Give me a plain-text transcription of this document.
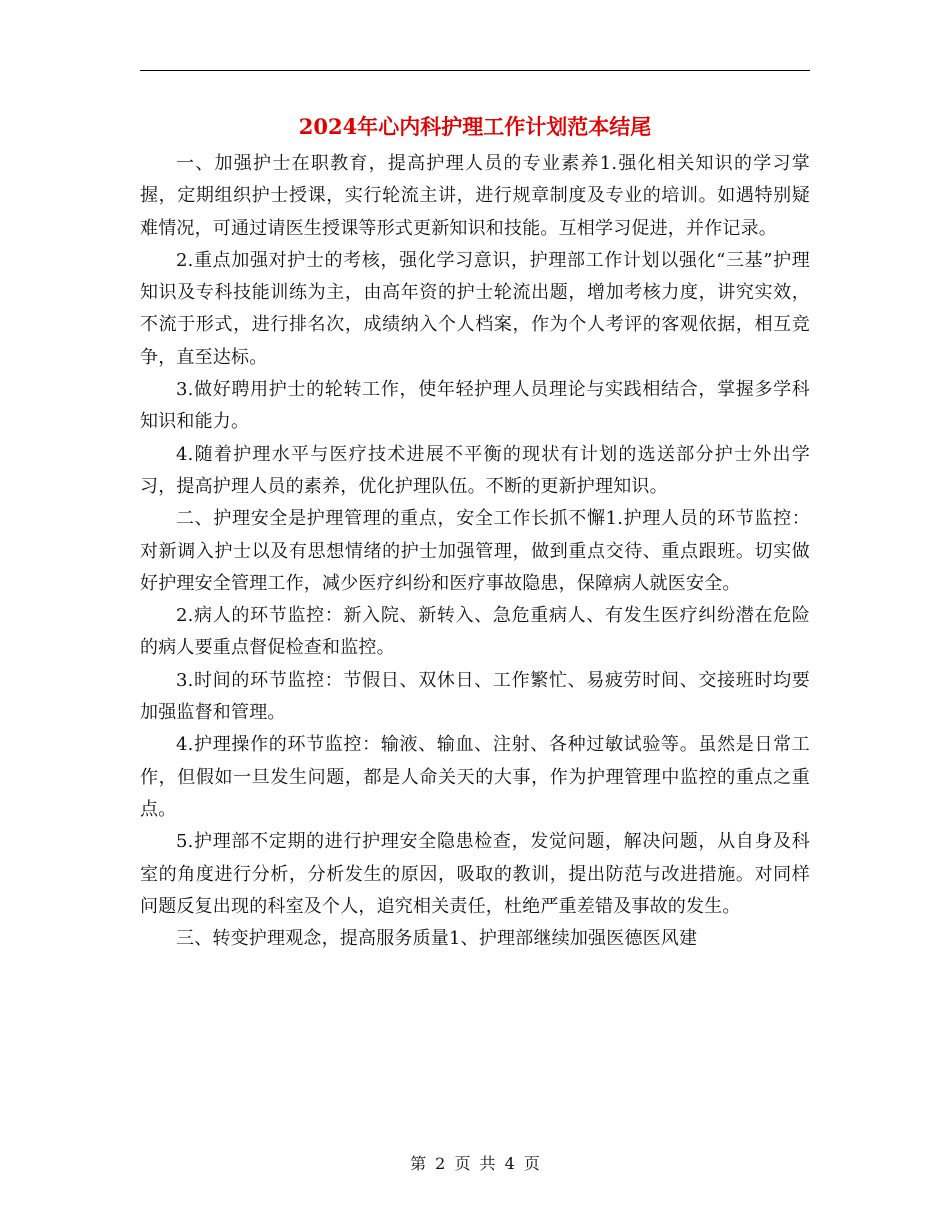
2024年心内科护理工作计划范本结尾

一、加强护士在职教育，提高护理人员的专业素养1.强化相关知识的学习掌握，定期组织护士授课，实行轮流主讲，进行规章制度及专业的培训。如遇特别疑难情况，可通过请医生授课等形式更新知识和技能。互相学习促进，并作记录。

2.重点加强对护士的考核，强化学习意识，护理部工作计划以强化“三基”护理知识及专科技能训练为主，由高年资的护士轮流出题，增加考核力度，讲究实效，不流于形式，进行排名次，成绩纳入个人档案，作为个人考评的客观依据，相互竞争，直至达标。

3.做好聘用护士的轮转工作，使年轻护理人员理论与实践相结合，掌握多学科知识和能力。

4.随着护理水平与医疗技术进展不平衡的现状有计划的选送部分护士外出学习，提高护理人员的素养，优化护理队伍。不断的更新护理知识。

二、护理安全是护理管理的重点，安全工作长抓不懈1.护理人员的环节监控：对新调入护士以及有思想情绪的护士加强管理，做到重点交待、重点跟班。切实做好护理安全管理工作，减少医疗纠纷和医疗事故隐患，保障病人就医安全。

2.病人的环节监控：新入院、新转入、急危重病人、有发生医疗纠纷潜在危险的病人要重点督促检查和监控。

3.时间的环节监控：节假日、双休日、工作繁忙、易疲劳时间、交接班时均要加强监督和管理。

4.护理操作的环节监控：输液、输血、注射、各种过敏试验等。虽然是日常工作，但假如一旦发生问题，都是人命关天的大事，作为护理管理中监控的重点之重点。

5.护理部不定期的进行护理安全隐患检查，发觉问题，解决问题，从自身及科室的角度进行分析，分析发生的原因，吸取的教训，提出防范与改进措施。对同样问题反复出现的科室及个人，追究相关责任，杜绝严重差错及事故的发生。

三、转变护理观念，提高服务质量1、护理部继续加强医德医风建

第 2 页 共 4 页
